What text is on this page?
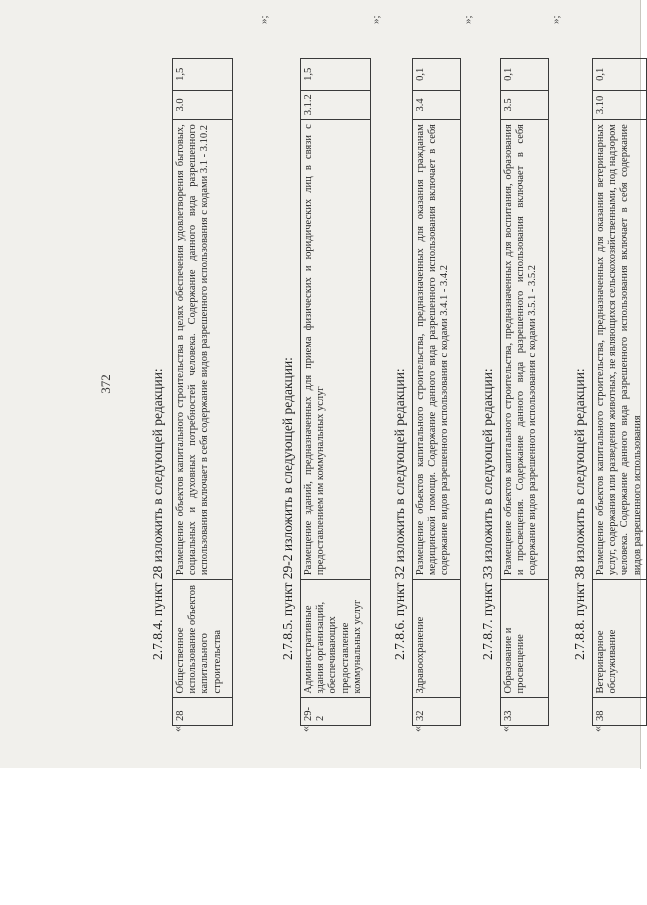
372	2.7.8.4. пункт 28 изложить в следующей редакции:
«
28	Общественное использование объектов капитального строительства	Размещение объектов капитального строительства в целях обеспечения удовлетворения бытовых, социальных и духовных потребностей человека. Содержание данного вида разрешенного использования включает в себя содержание видов разрешенного использования с кодами 3.1 - 3.10.2	3.0	1,5
»;
2.7.8.5. пункт 29-2 изложить в следующей редакции:
«
29-2	Административные здания организаций, обеспечивающих предоставление коммунальных услуг	Размещение зданий, предназначенных для приема физических и юридических лиц в связи с предоставлением им коммунальных услуг	3.1.2	1,5
»;
2.7.8.6. пункт 32 изложить в следующей редакции:
«
32	Здравоохранение	Размещение объектов капитального строительства, предназначенных для оказания гражданам медицинской помощи. Содержание данного вида разрешенного использования включает в себя содержание видов разрешенного использования с кодами 3.4.1 - 3.4.2	3.4	0,1
»;
2.7.8.7. пункт 33 изложить в следующей редакции:
«
33	Образование и просвещение	Размещение объектов капитального строительства, предназначенных для воспитания, образования и просвещения. Содержание данного вида разрешенного использования включает в себя содержание видов разрешенного использования с кодами 3.5.1 - 3.5.2	3.5	0,1
»;
2.7.8.8. пункт 38 изложить в следующей редакции:
«
38	Ветеринарное обслуживание	Размещение объектов капитального строительства, предназначенных для оказания ветеринарных услуг, содержания или разведения животных, не являющихся сельскохозяйственными, под надзором человека. Содержание данного вида разрешенного использования включает в себя содержание видов разрешенного использования	3.10	0,1
